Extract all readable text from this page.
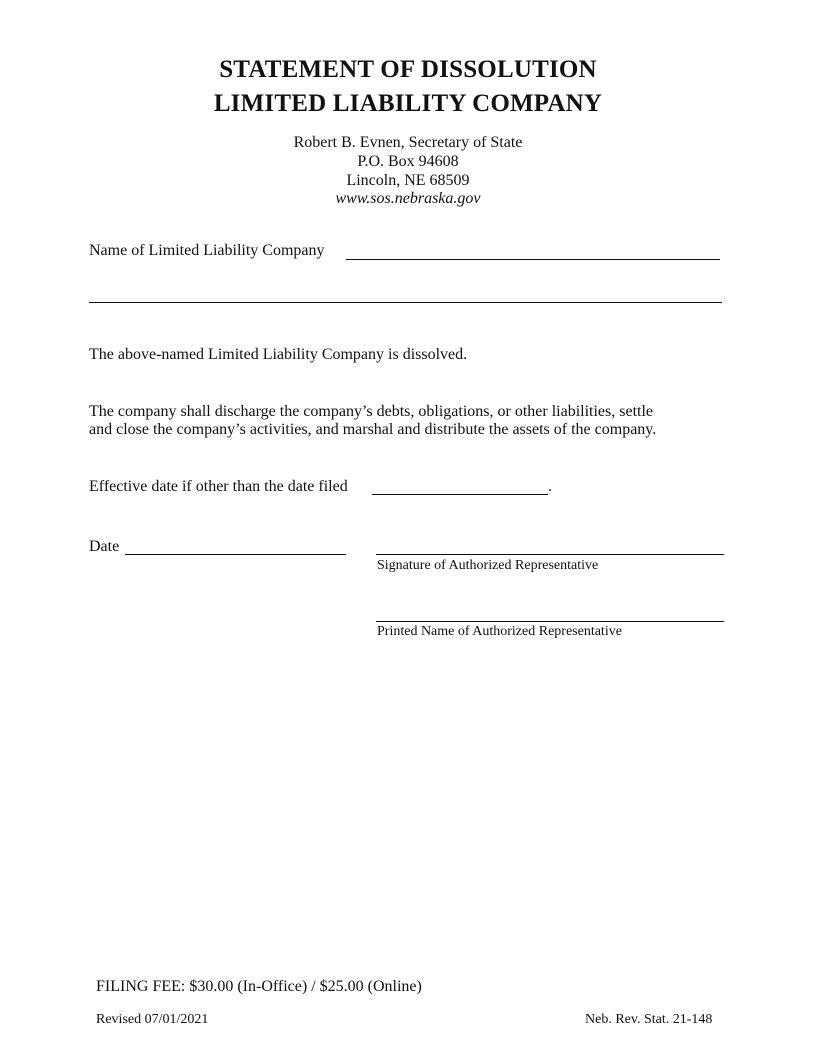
STATEMENT OF DISSOLUTION
LIMITED LIABILITY COMPANY
Robert B. Evnen, Secretary of State
P.O. Box 94608
Lincoln, NE 68509
www.sos.nebraska.gov
Name of Limited Liability Company
The above-named Limited Liability Company is dissolved.
The company shall discharge the company’s debts, obligations, or other liabilities, settle
and close the company’s activities, and marshal and distribute the assets of the company.
Effective date if other than the date filed	.
Date
Signature of Authorized Representative
Printed Name of Authorized Representative
FILING FEE: $30.00 (In-Office) / $25.00 (Online)
Revised 07/01/2021	Neb. Rev. Stat. 21-148
